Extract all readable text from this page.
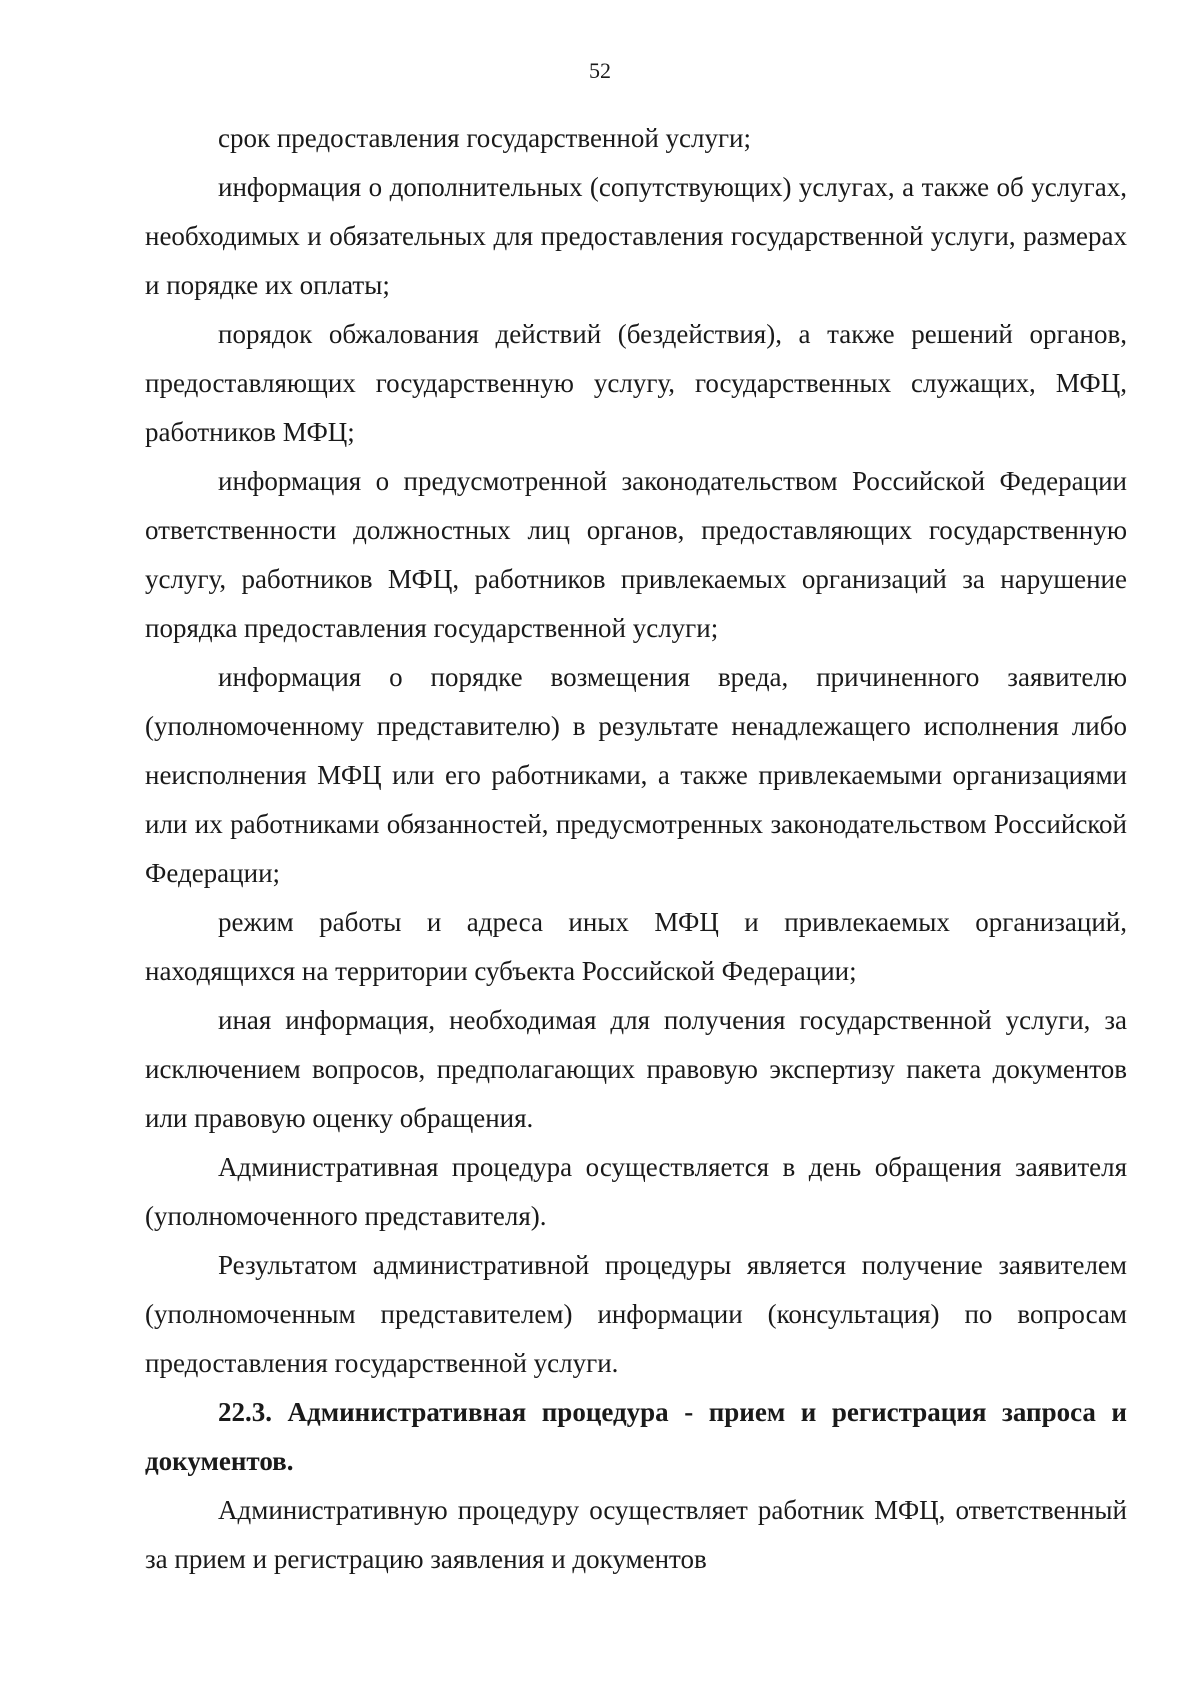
52

срок предоставления государственной услуги;

информация о дополнительных (сопутствующих) услугах, а также об услугах, необходимых и обязательных для предоставления государственной услуги, размерах и порядке их оплаты;

порядок обжалования действий (бездействия), а также решений органов, предоставляющих государственную услугу, государственных служащих, МФЦ, работников МФЦ;

информация о предусмотренной законодательством Российской Федерации ответственности должностных лиц органов, предоставляющих государственную услугу, работников МФЦ, работников привлекаемых организаций за нарушение порядка предоставления государственной услуги;

информация о порядке возмещения вреда, причиненного заявителю (уполномоченному представителю) в результате ненадлежащего исполнения либо неисполнения МФЦ или его работниками, а также привлекаемыми организациями или их работниками обязанностей, предусмотренных законодательством Российской Федерации;

режим работы и адреса иных МФЦ и привлекаемых организаций, находящихся на территории субъекта Российской Федерации;

иная информация, необходимая для получения государственной услуги, за исключением вопросов, предполагающих правовую экспертизу пакета документов или правовую оценку обращения.

Административная процедура осуществляется в день обращения заявителя (уполномоченного представителя).

Результатом административной процедуры является получение заявителем (уполномоченным представителем) информации (консультация) по вопросам предоставления государственной услуги.

22.3. Административная процедура - прием и регистрация запроса и документов.

Административную процедуру осуществляет работник МФЦ, ответственный за прием и регистрацию заявления и документов
